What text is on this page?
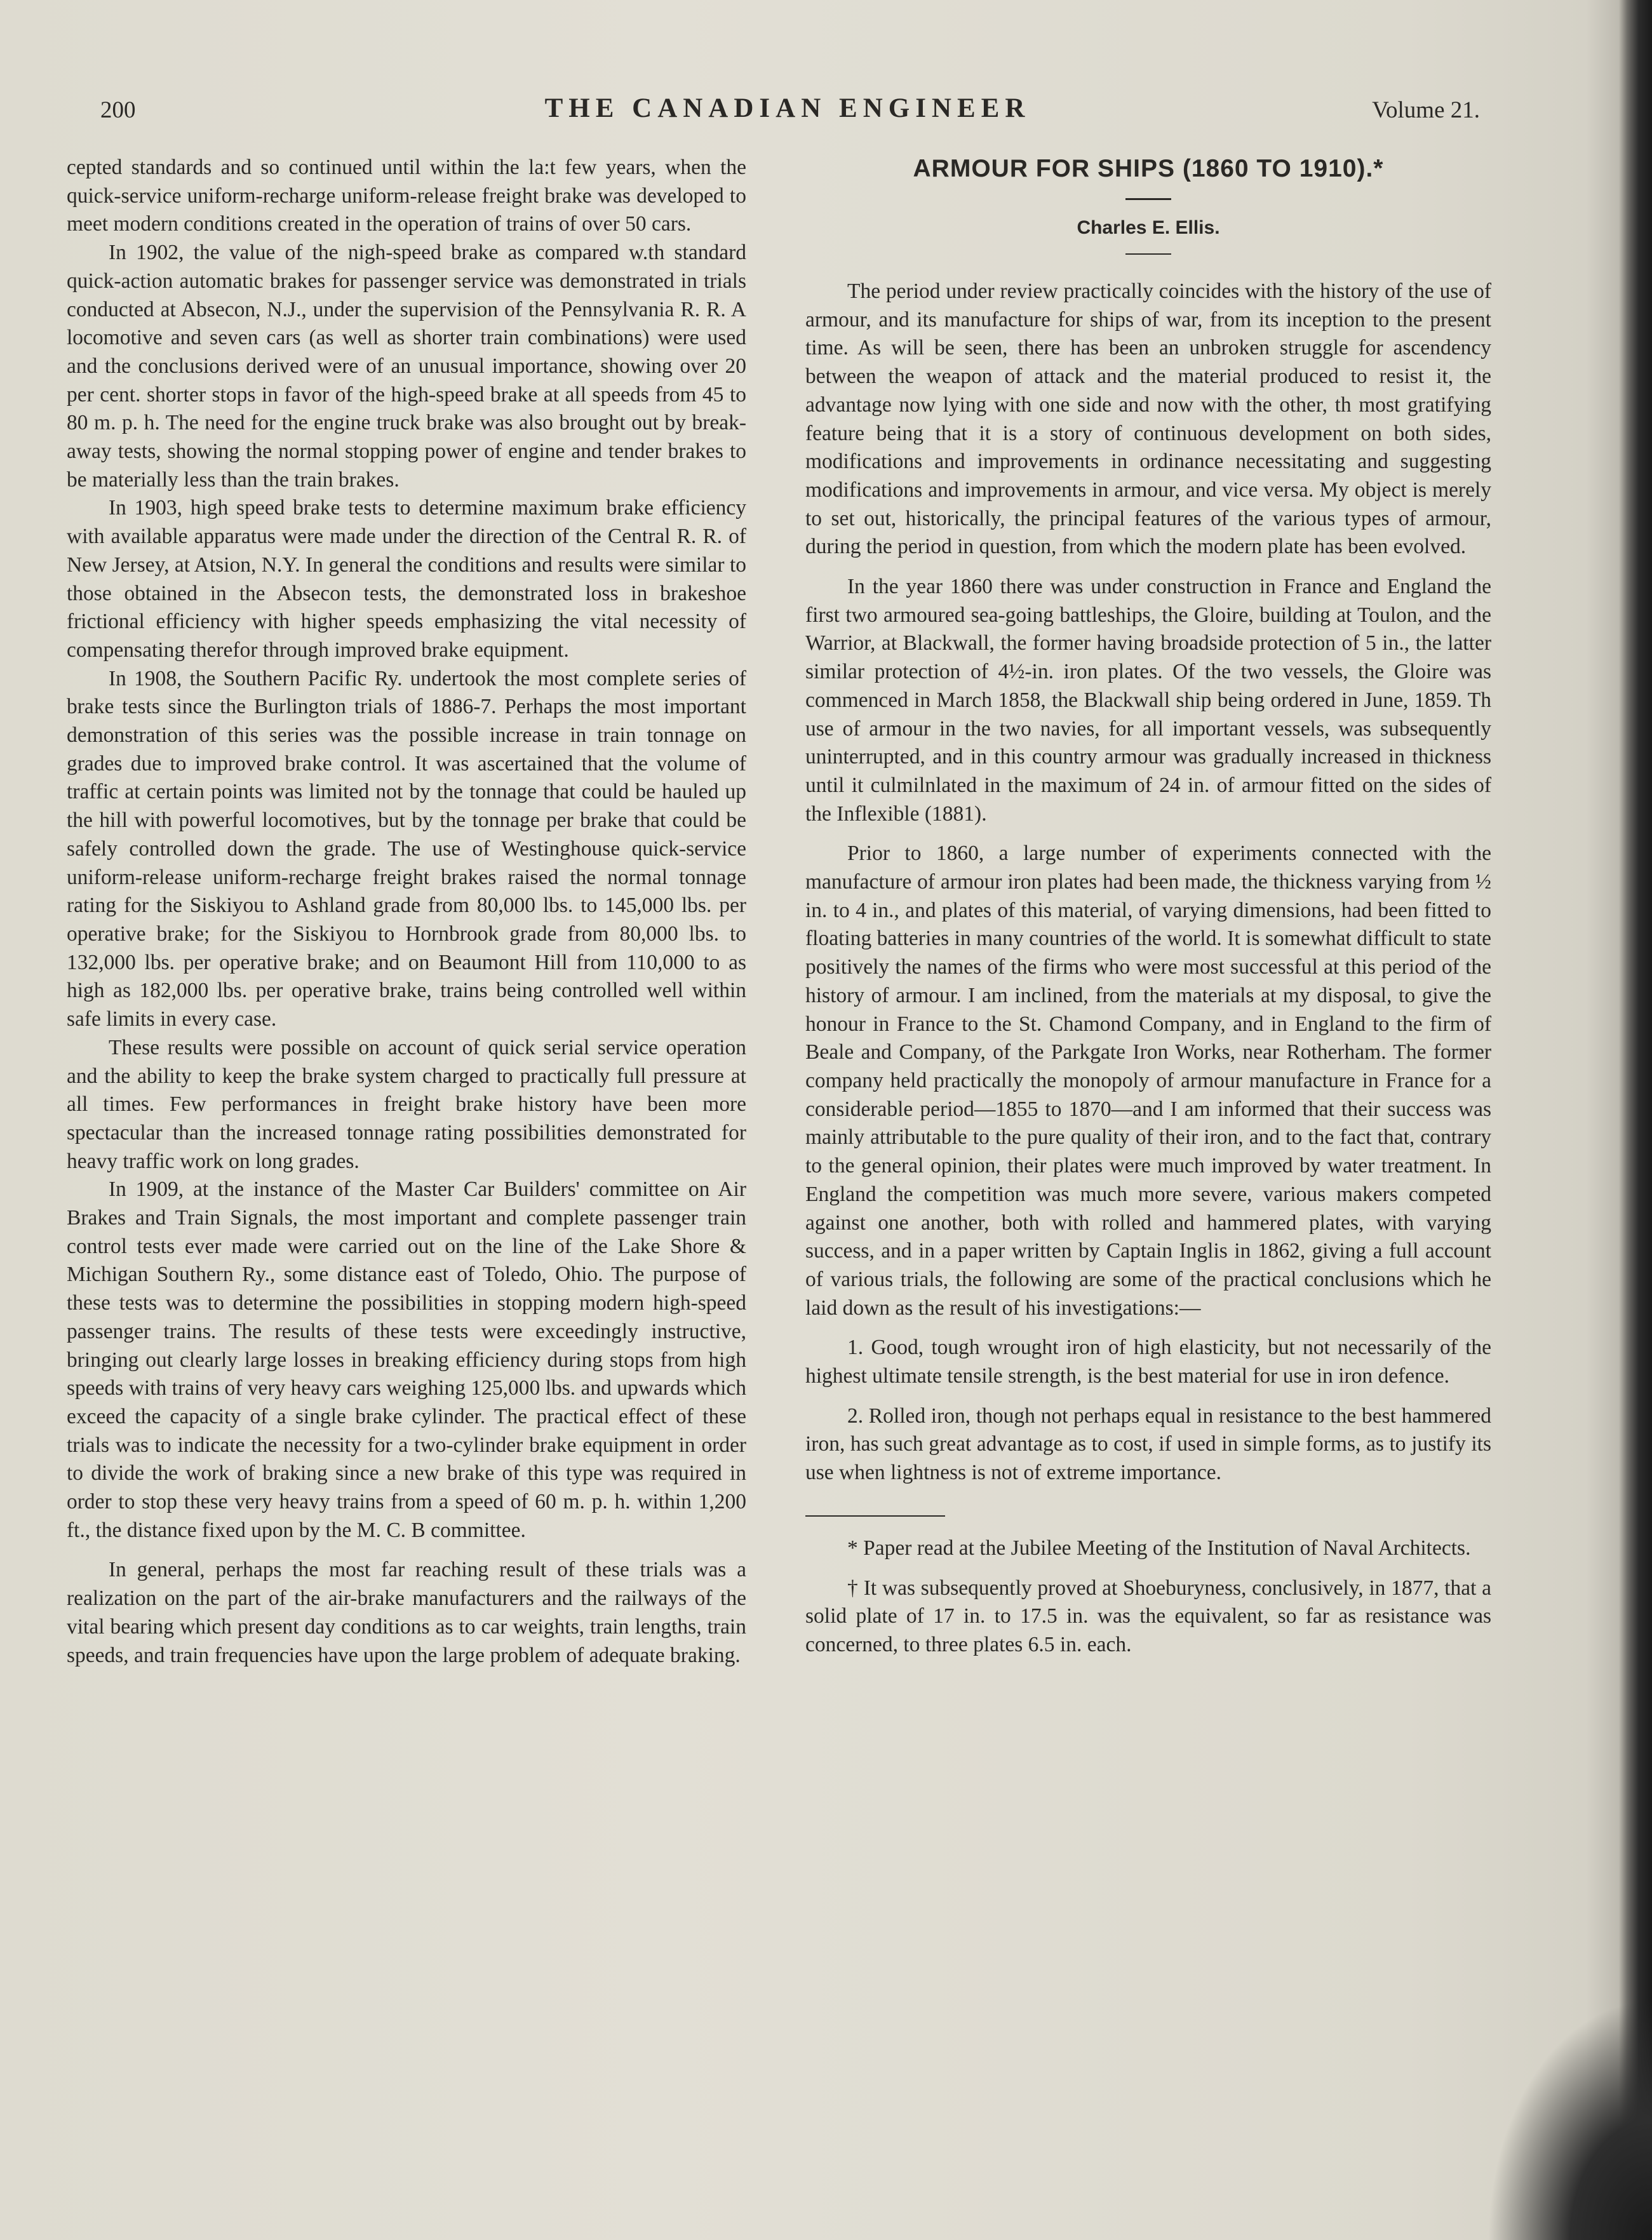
200	THE CANADIAN ENGINEER	Volume 21.

cepted standards and so continued until within the la:t few years, when the quick-service uniform-recharge uniform-release freight brake was developed to meet modern conditions created in the operation of trains of over 50 cars.

In 1902, the value of the nigh-speed brake as compared w.th standard quick-action automatic brakes for passenger service was demonstrated in trials conducted at Absecon, N.J., under the supervision of the Pennsylvania R. R. A locomotive and seven cars (as well as shorter train combinations) were used and the conclusions derived were of an unusual importance, showing over 20 per cent. shorter stops in favor of the high-speed brake at all speeds from 45 to 80 m. p. h. The need for the engine truck brake was also brought out by break-away tests, showing the normal stopping power of engine and tender brakes to be materially less than the train brakes.

In 1903, high speed brake tests to determine maximum brake efficiency with available apparatus were made under the direction of the Central R. R. of New Jersey, at Atsion, N.Y. In general the conditions and results were similar to those obtained in the Absecon tests, the demonstrated loss in brakeshoe frictional efficiency with higher speeds emphasizing the vital necessity of compensating therefor through improved brake equipment.

In 1908, the Southern Pacific Ry. undertook the most complete series of brake tests since the Burlington trials of 1886-7. Perhaps the most important demonstration of this series was the possible increase in train tonnage on grades due to improved brake control. It was ascertained that the volume of traffic at certain points was limited not by the tonnage that could be hauled up the hill with powerful locomotives, but by the tonnage per brake that could be safely controlled down the grade. The use of Westinghouse quick-service uniform-release uniform-recharge freight brakes raised the normal tonnage rating for the Siskiyou to Ashland grade from 80,000 lbs. to 145,000 lbs. per operative brake; for the Siskiyou to Hornbrook grade from 80,000 lbs. to 132,000 lbs. per operative brake; and on Beaumont Hill from 110,000 to as high as 182,000 lbs. per operative brake, trains being controlled well within safe limits in every case.

These results were possible on account of quick serial service operation and the ability to keep the brake system charged to practically full pressure at all times. Few performances in freight brake history have been more spectacular than the increased tonnage rating possibilities demonstrated for heavy traffic work on long grades.

In 1909, at the instance of the Master Car Builders' committee on Air Brakes and Train Signals, the most important and complete passenger train control tests ever made were carried out on the line of the Lake Shore & Michigan Southern Ry., some distance east of Toledo, Ohio. The purpose of these tests was to determine the possibilities in stopping modern high-speed passenger trains. The results of these tests were exceedingly instructive, bringing out clearly large losses in breaking efficiency during stops from high speeds with trains of very heavy cars weighing 125,000 lbs. and upwards which exceed the capacity of a single brake cylinder. The practical effect of these trials was to indicate the necessity for a two-cylinder brake equipment in order to divide the work of braking since a new brake of this type was required in order to stop these very heavy trains from a speed of 60 m. p. h. within 1,200 ft., the distance fixed upon by the M. C. B committee.

In general, perhaps the most far reaching result of these trials was a realization on the part of the air-brake manufacturers and the railways of the vital bearing which present day conditions as to car weights, train lengths, train speeds, and train frequencies have upon the large problem of adequate braking.

ARMOUR FOR SHIPS (1860 TO 1910).*
Charles E. Ellis.

The period under review practically coincides with the history of the use of armour, and its manufacture for ships of war, from its inception to the present time. As will be seen, there has been an unbroken struggle for ascendency between the weapon of attack and the material produced to resist it, the advantage now lying with one side and now with the other, th most gratifying feature being that it is a story of continuous development on both sides, modifications and improvements in ordinance necessitating and suggesting modifications and improvements in armour, and vice versa. My object is merely to set out, historically, the principal features of the various types of armour, during the period in question, from which the modern plate has been evolved.

In the year 1860 there was under construction in France and England the first two armoured sea-going battleships, the Gloire, building at Toulon, and the Warrior, at Blackwall, the former having broadside protection of 5 in., the latter similar protection of 4½-in. iron plates. Of the two vessels, the Gloire was commenced in March 1858, the Blackwall ship being ordered in June, 1859. Th use of armour in the two navies, for all important vessels, was subsequently uninterrupted, and in this country armour was gradually increased in thickness until it culmilnlated in the maximum of 24 in. of armour fitted on the sides of the Inflexible (1881).

Prior to 1860, a large number of experiments connected with the manufacture of armour iron plates had been made, the thickness varying from ½ in. to 4 in., and plates of this material, of varying dimensions, had been fitted to floating batteries in many countries of the world. It is somewhat difficult to state positively the names of the firms who were most successful at this period of the history of armour. I am inclined, from the materials at my disposal, to give the honour in France to the St. Chamond Company, and in England to the firm of Beale and Company, of the Parkgate Iron Works, near Rotherham. The former company held practically the monopoly of armour manufacture in France for a considerable period—1855 to 1870—and I am informed that their success was mainly attributable to the pure quality of their iron, and to the fact that, contrary to the general opinion, their plates were much improved by water treatment. In England the competition was much more severe, various makers competed against one another, both with rolled and hammered plates, with varying success, and in a paper written by Captain Inglis in 1862, giving a full account of various trials, the following are some of the practical conclusions which he laid down as the result of his investigations:—

1. Good, tough wrought iron of high elasticity, but not necessarily of the highest ultimate tensile strength, is the best material for use in iron defence.

2. Rolled iron, though not perhaps equal in resistance to the best hammered iron, has such great advantage as to cost, if used in simple forms, as to justify its use when lightness is not of extreme importance.

* Paper read at the Jubilee Meeting of the Institution of Naval Architects.

† It was subsequently proved at Shoeburyness, conclusively, in 1877, that a solid plate of 17 in. to 17.5 in. was the equivalent, so far as resistance was concerned, to three plates 6.5 in. each.
